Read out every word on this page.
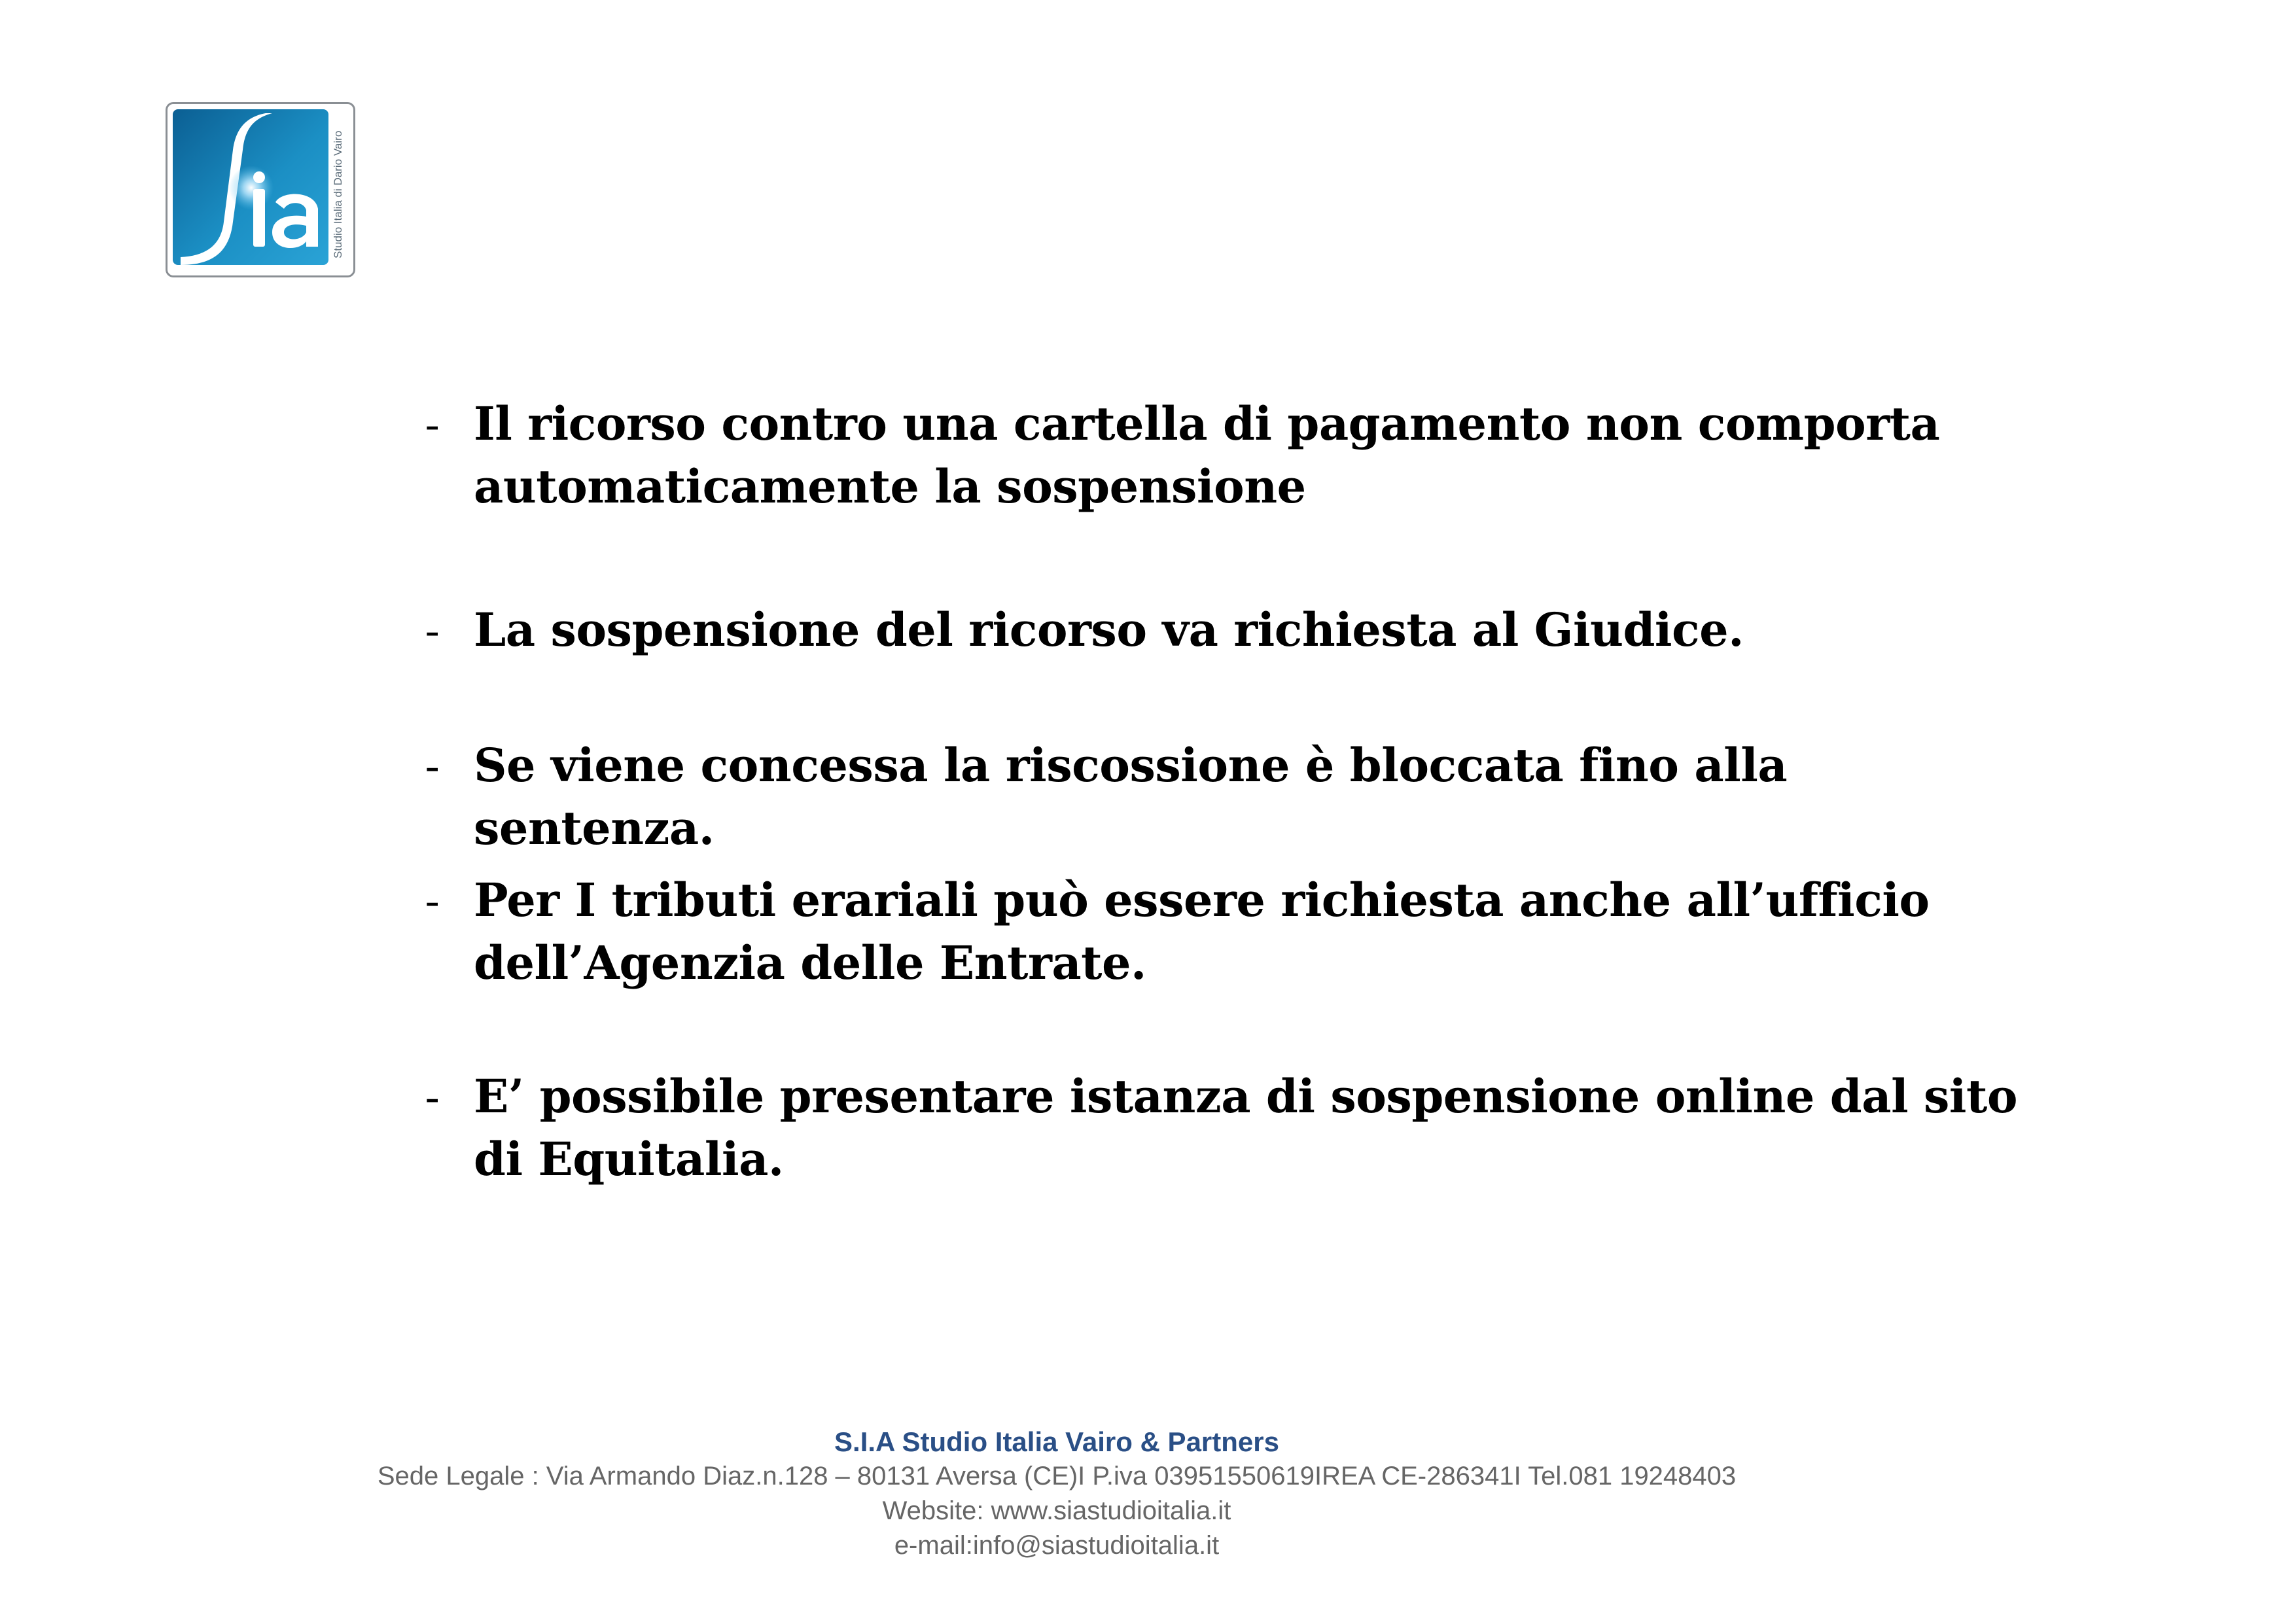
Studio Italia di Dario Vairo
- Il ricorso contro una cartella di pagamento non comporta automaticamente la sospensione
- La sospensione del ricorso va richiesta al Giudice.
- Se viene concessa la riscossione è bloccata fino alla sentenza.
- Per I tributi erariali può essere richiesta anche all’ufficio dell’Agenzia delle Entrate.
- E’ possibile presentare istanza di sospensione online dal sito di Equitalia.
S.I.A Studio Italia Vairo & Partners
Sede Legale : Via Armando Diaz.n.128 – 80131 Aversa (CE)I P.iva 03951550619IREA CE-286341I Tel.081 19248403
Website: www.siastudioitalia.it
e-mail:info@siastudioitalia.it
